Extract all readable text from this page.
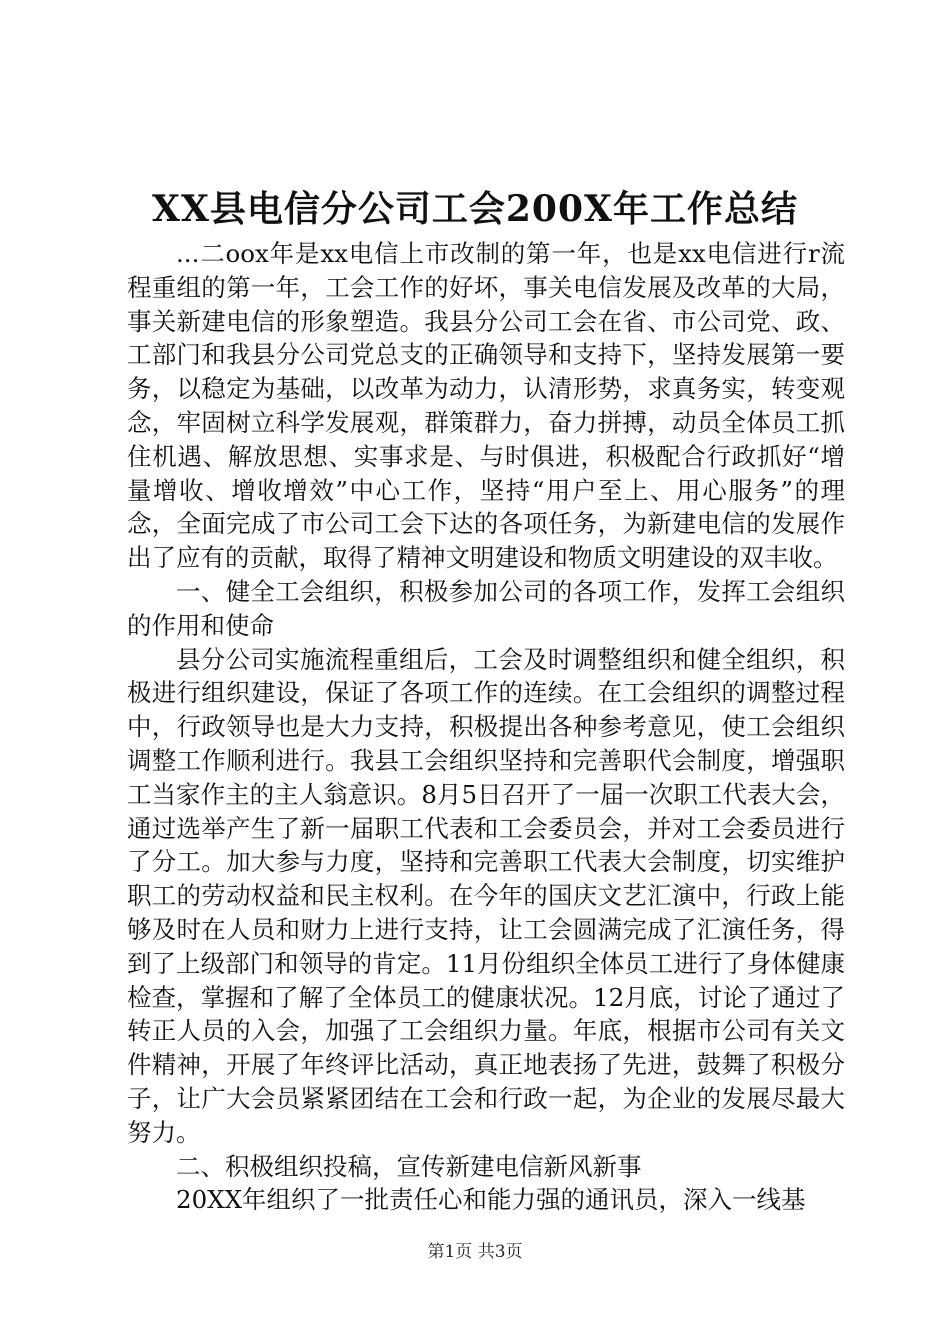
XX县电信分公司工会200X年工作总结

...二oox年是xx电信上市改制的第一年，也是xx电信进行r流程重组的第一年，工会工作的好坏，事关电信发展及改革的大局，事关新建电信的形象塑造。我县分公司工会在省、市公司党、政、工部门和我县分公司党总支的正确领导和支持下，坚持发展第一要务，以稳定为基础，以改革为动力，认清形势，求真务实，转变观念，牢固树立科学发展观，群策群力，奋力拼搏，动员全体员工抓住机遇、解放思想、实事求是、与时俱进，积极配合行政抓好“增量增收、增收增效”中心工作，坚持“用户至上、用心服务”的理念，全面完成了市公司工会下达的各项任务，为新建电信的发展作出了应有的贡献，取得了精神文明建设和物质文明建设的双丰收。

一、健全工会组织，积极参加公司的各项工作，发挥工会组织的作用和使命

县分公司实施流程重组后，工会及时调整组织和健全组织，积极进行组织建设，保证了各项工作的连续。在工会组织的调整过程中，行政领导也是大力支持，积极提出各种参考意见，使工会组织调整工作顺利进行。我县工会组织坚持和完善职代会制度，增强职工当家作主的主人翁意识。8月5日召开了一届一次职工代表大会，通过选举产生了新一届职工代表和工会委员会，并对工会委员进行了分工。加大参与力度，坚持和完善职工代表大会制度，切实维护职工的劳动权益和民主权利。在今年的国庆文艺汇演中，行政上能够及时在人员和财力上进行支持，让工会圆满完成了汇演任务，得到了上级部门和领导的肯定。11月份组织全体员工进行了身体健康检查，掌握和了解了全体员工的健康状况。12月底，讨论了通过了转正人员的入会，加强了工会组织力量。年底，根据市公司有关文件精神，开展了年终评比活动，真正地表扬了先进，鼓舞了积极分子，让广大会员紧紧团结在工会和行政一起，为企业的发展尽最大努力。

二、积极组织投稿，宣传新建电信新风新事

20XX年组织了一批责任心和能力强的通讯员，深入一线基

第1页 共3页
